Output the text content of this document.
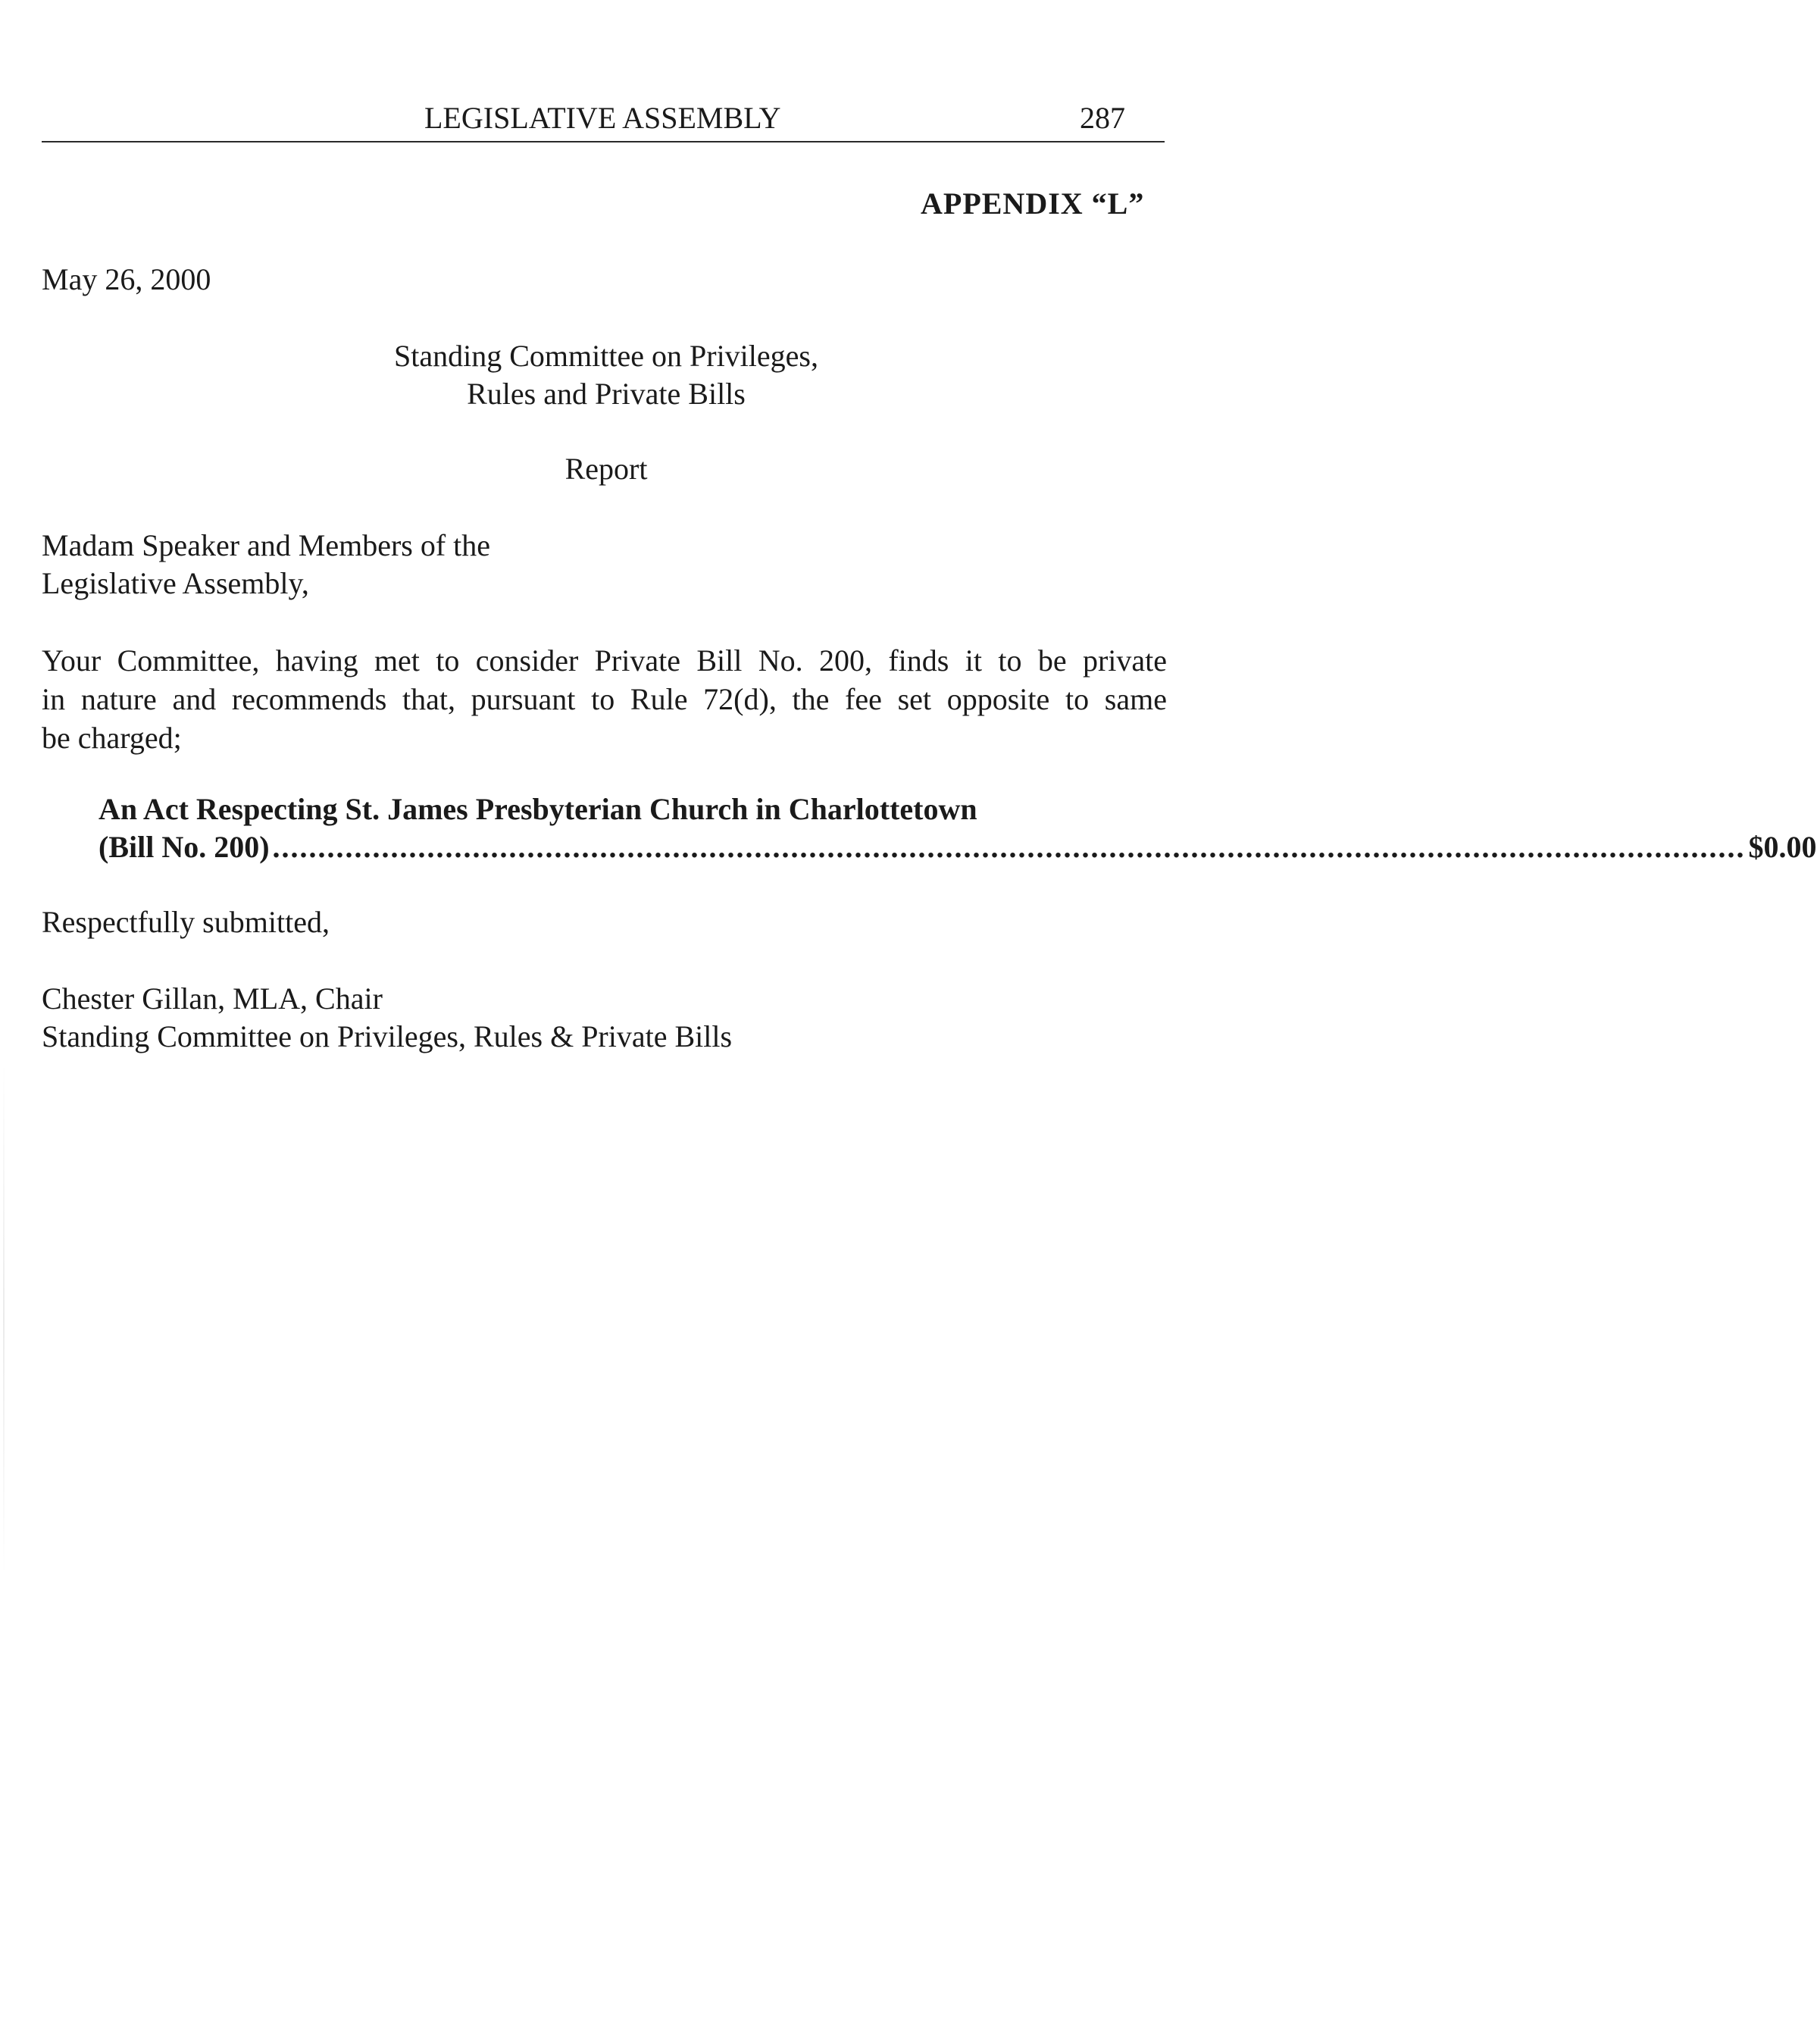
LEGISLATIVE ASSEMBLY	287
APPENDIX “L”
May 26, 2000
Standing Committee on Privileges,
Rules and Private Bills
Report
Madam Speaker and Members of the
Legislative Assembly,
Your Committee, having met to consider Private Bill No. 200, finds it to be private
in nature and recommends that, pursuant to Rule 72(d), the fee set opposite to same
be charged;
An Act Respecting St. James Presbyterian Church in Charlottetown
(Bill No. 200) .................................................................................................................................................................. $0.00
Respectfully submitted,
Chester Gillan, MLA, Chair
Standing Committee on Privileges, Rules & Private Bills
